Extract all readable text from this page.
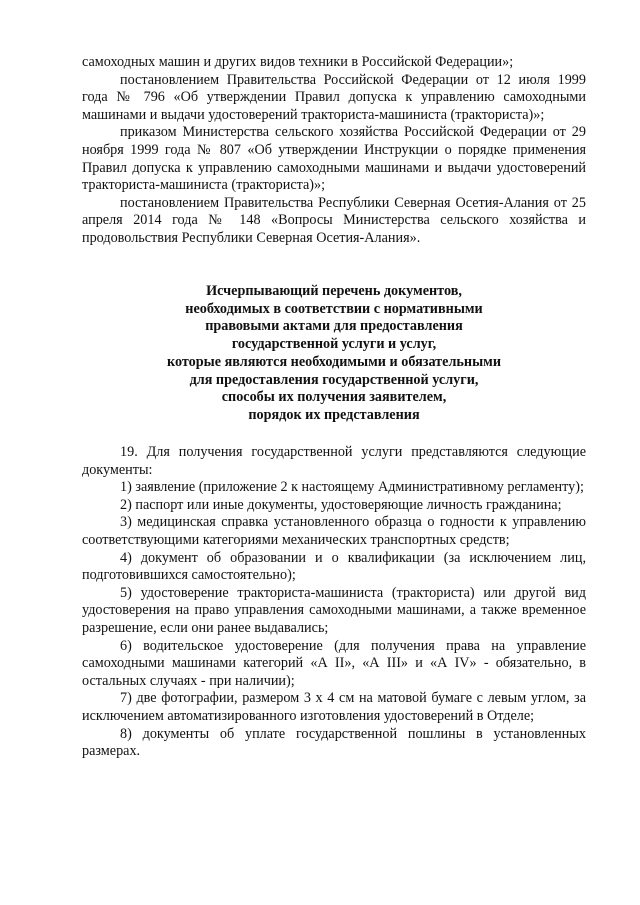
самоходных машин и других видов техники в Российской Федерации»;

постановлением Правительства Российской Федерации от 12 июля 1999 года № 796 «Об утверждении Правил допуска к управлению самоходными машинами и выдачи удостоверений тракториста-машиниста (тракториста)»;

приказом Министерства сельского хозяйства Российской Федерации от 29 ноября 1999 года № 807 «Об утверждении Инструкции о порядке применения Правил допуска к управлению самоходными машинами и выдачи удостоверений тракториста-машиниста (тракториста)»;

постановлением Правительства Республики Северная Осетия-Алания от 25 апреля 2014 года № 148 «Вопросы Министерства сельского хозяйства и продовольствия Республики Северная Осетия-Алания».

Исчерпывающий перечень документов,
необходимых в соответствии с нормативными
правовыми актами для предоставления
государственной услуги и услуг,
которые являются необходимыми и обязательными
для предоставления государственной услуги,
способы их получения заявителем,
порядок их представления

19. Для получения государственной услуги представляются следующие документы:

1) заявление (приложение 2 к настоящему Административному регламенту);

2) паспорт или иные документы, удостоверяющие личность гражданина;

3) медицинская справка установленного образца о годности к управлению соответствующими категориями механических транспортных средств;

4) документ об образовании и о квалификации (за исключением лиц, подготовившихся самостоятельно);

5) удостоверение тракториста-машиниста (тракториста) или другой вид удостоверения на право управления самоходными машинами, а также временное разрешение, если они ранее выдавались;

6) водительское удостоверение (для получения права на управление самоходными машинами категорий «А II», «А III» и «А IV» - обязательно, в остальных случаях - при наличии);

7) две фотографии, размером 3 х 4 см на матовой бумаге с левым углом, за исключением автоматизированного изготовления удостоверений в Отделе;

8) документы об уплате государственной пошлины в установленных размерах.
